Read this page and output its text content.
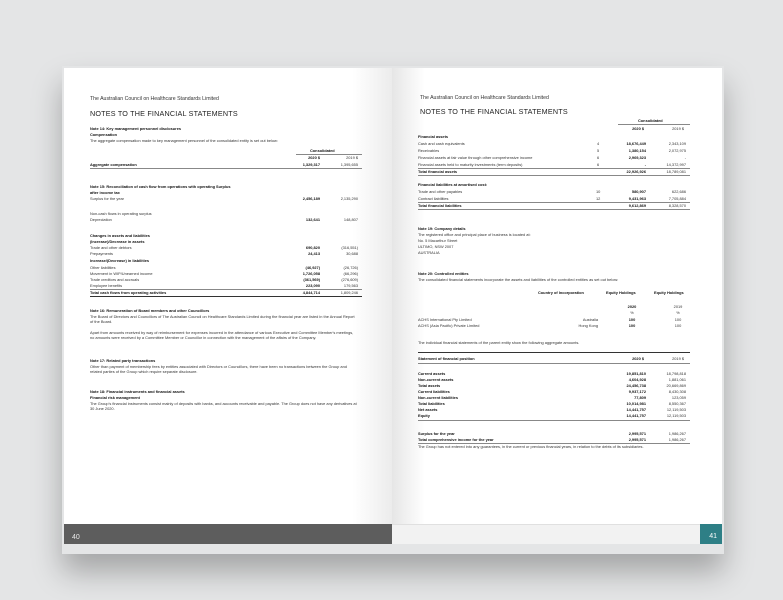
The Australian Council on Healthcare Standards Limited
NOTES TO THE FINANCIAL STATEMENTS
Note 14: Key management personnel disclosures
Compensation
The aggregate compensation made to key management personnel of the consolidated entity is set out below:
Consolidated
2020 $	2019 $
Aggregate compensation	1,329,317	1,395,655
Note 15: Reconciliation of cash flow from operations with operating Surplus
after income tax
Surplus for the year	2,456,189	2,135,290
Non-cash flows in operating surplus
Depreciation	132,641	148,807
Changes in assets and liabilities
(Increase)/Decrease in assets
Trade and other debtors	690,820	(316,551)
Prepayments	24,413	30,688
Increase/(Decrease) in liabilities
Other liabilities	(46,927)	(26,726)
Movement in WIP/Unearned income	1,726,058	(66,296)
Trade creditors and accruals	(361,569)	(276,609)
Employee benefits	223,090	179,563
Total cash flows from operating activities	4,844,714	1,809,246
Note 16: Remuneration of Board members and other Councillors
The Board of Directors and Councillors of The Australian Council on Healthcare Standards Limited during the financial year are listed in the Annual Report of the Board.
Apart from amounts received by way of reimbursement for expenses incurred in the attendance of various Executive and Committee Member's meetings, no amounts were received by a Committee Member or Councillor in connection with the management of the affairs of the Company.
Note 17: Related party transactions
Other than payment of membership fees by entities associated with Directors or Councillors, there have been no transactions between the Group and related parties of the Group which require separate disclosure.
Note 18: Financial instruments and financial assets
Financial risk management
The Group's financial instruments consist mainly of deposits with banks, and accounts receivable and payable. The Group does not have any derivatives at 30 June 2020.
40
The Australian Council on Healthcare Standards Limited
NOTES TO THE FINANCIAL STATEMENTS
Consolidated
2020 $	2019 $
Financial assets
Cash and cash equivalents	4	18,676,449	2,343,109
Receivables	5	1,380,154	2,072,975
Financial assets at fair value through other comprehensive income	6	2,969,323	-
Financial assets held to maturity investments (term deposits)	6	-	14,372,997
Total financial assets	22,926,926	18,789,081
Financial liabilities at amortised cost:
Trade and other payables	10	580,907	622,686
Contract liabilities	12	9,431,963	7,705,884
Total financial liabilities	9,612,869	8,328,570
Note 19: Company details
The registered office and principal place of business is located at:
No. 5 Macarthur Street
ULTIMO, NSW 2007
AUSTRALIA
Note 20: Controlled entities
The consolidated financial statements incorporate the assets and liabilities of the controlled entities as set out below:
Country of Incorporation	Equity Holdings	Equity Holdings
2020	2019
%	%
ACHS International Pty Limited	Australia	100	100
ACHS (Asia Pacific) Private Limited	Hong Kong	100	100
The individual financial statements of the parent entity show the following aggregate amounts.
Statement of financial position	2020 $	2019 $
Current assets	19,851,810	18,798,818
Non-current assets	4,604,928	1,881,061
Total assets	24,456,738	20,669,869
Current liabilities	9,937,172	8,430,308
Non-current liabilities	77,809	123,059
Total liabilities	10,014,981	8,550,367
Net assets	14,441,757	12,119,503
Equity	14,441,757	12,119,503
Surplus for the year	2,995,571	1,986,267
Total comprehensive income for the year	2,995,571	1,986,267
The Group has not entered into any guarantees, in the current or previous financial years, in relation to the debts of its subsidiaries.
41
